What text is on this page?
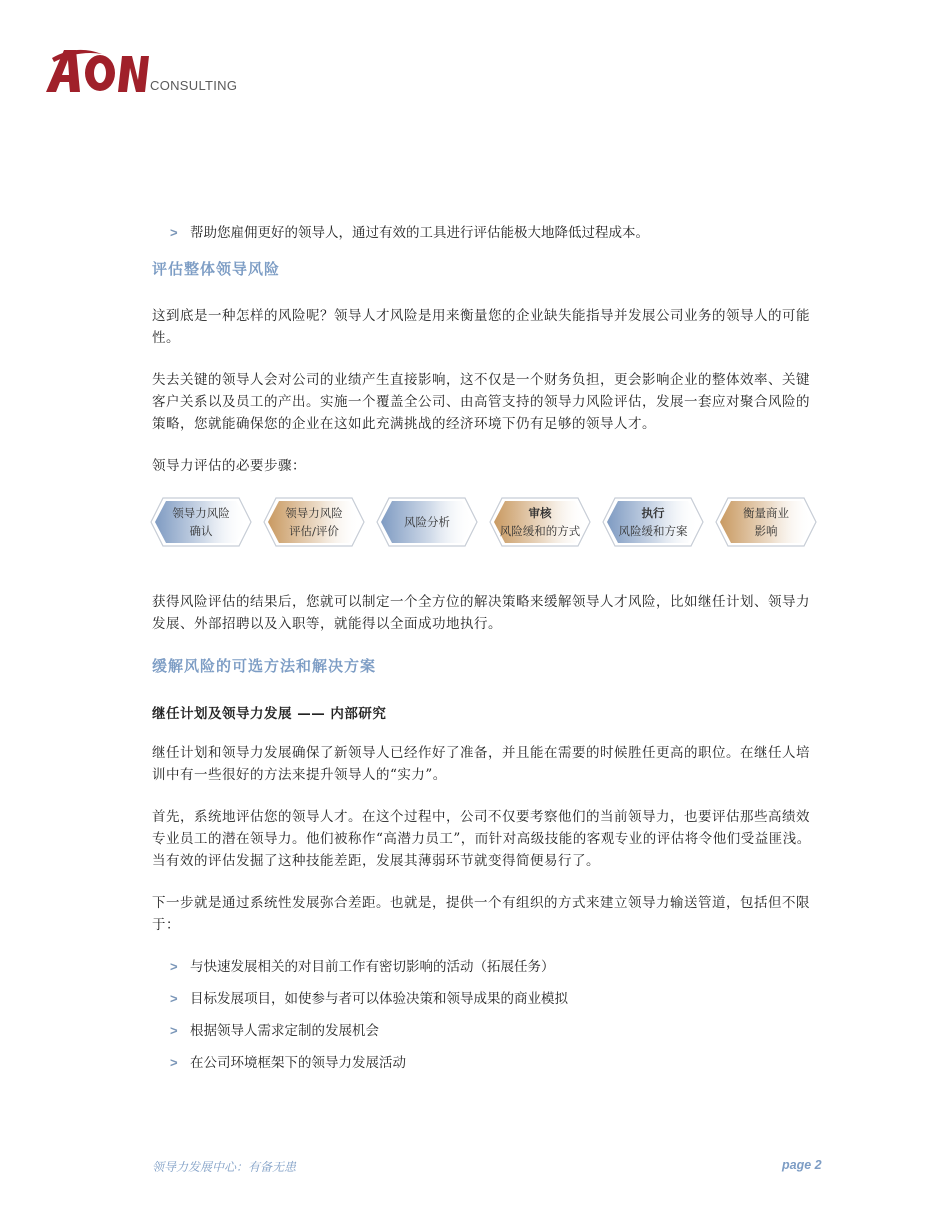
CONSULTING
> 帮助您雇佣更好的领导人，通过有效的工具进行评估能极大地降低过程成本。
评估整体领导风险

这到底是一种怎样的风险呢？领导人才风险是用来衡量您的企业缺失能指导并发展公司业务的领导人的可能性。

失去关键的领导人会对公司的业绩产生直接影响，这不仅是一个财务负担，更会影响企业的整体效率、关键客户关系以及员工的产出。实施一个覆盖全公司、由高管支持的领导力风险评估，发展一套应对聚合风险的策略，您就能确保您的企业在这如此充满挑战的经济环境下仍有足够的领导人才。

领导力评估的必要步骤：

领导力风险
确认
领导力风险
评估/评价
风险分析
审核
风险缓和的方式
执行
风险缓和方案
衡量商业
影响

获得风险评估的结果后，您就可以制定一个全方位的解决策略来缓解领导人才风险，比如继任计划、领导力发展、外部招聘以及入职等，就能得以全面成功地执行。

缓解风险的可选方法和解决方案
继任计划及领导力发展 —— 内部研究

继任计划和领导力发展确保了新领导人已经作好了准备，并且能在需要的时候胜任更高的职位。在继任人培训中有一些很好的方法来提升领导人的“实力”。

首先，系统地评估您的领导人才。在这个过程中，公司不仅要考察他们的当前领导力，也要评估那些高绩效专业员工的潜在领导力。他们被称作“高潜力员工”，而针对高级技能的客观专业的评估将令他们受益匪浅。当有效的评估发掘了这种技能差距，发展其薄弱环节就变得简便易行了。

下一步就是通过系统性发展弥合差距。也就是，提供一个有组织的方式来建立领导力输送管道，包括但不限于：

> 与快速发展相关的对目前工作有密切影响的活动（拓展任务）
> 目标发展项目，如使参与者可以体验决策和领导成果的商业模拟
> 根据领导人需求定制的发展机会
> 在公司环境框架下的领导力发展活动
领导力发展中心：有备无患	page 2
